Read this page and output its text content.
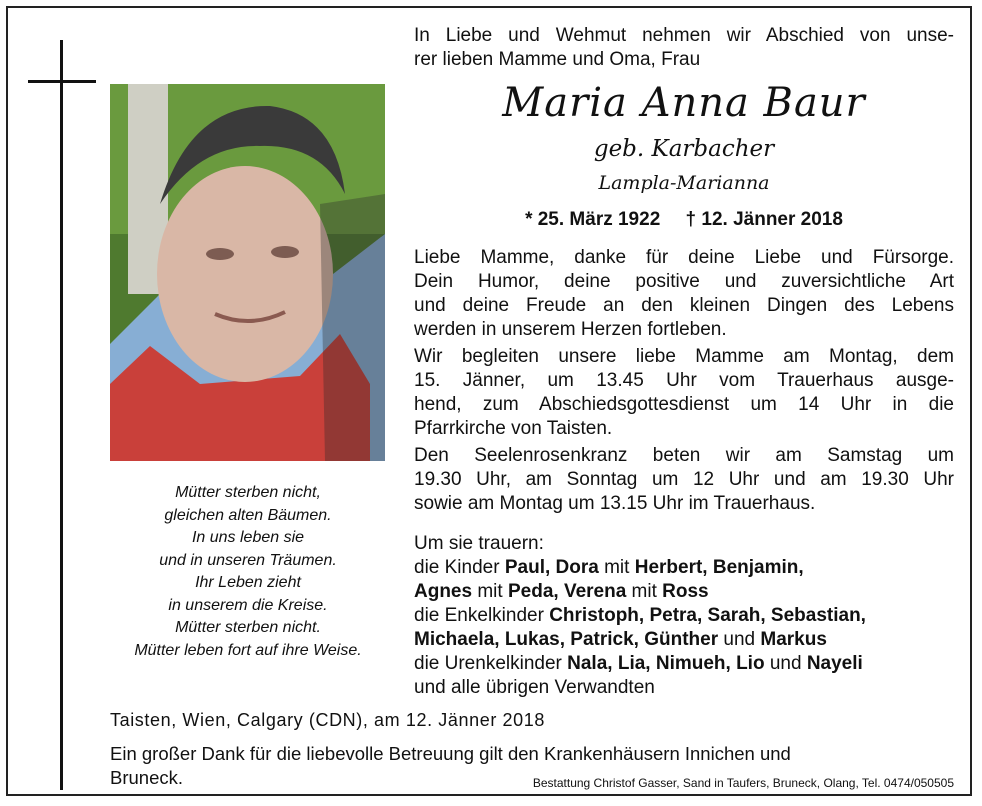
Mütter sterben nicht,
gleichen alten Bäumen.
In uns leben sie
und in unseren Träumen.
Ihr Leben zieht
in unserem die Kreise.
Mütter sterben nicht.
Mütter leben fort auf ihre Weise.
In Liebe und Wehmut nehmen wir Abschied von unse-
rer lieben Mamme und Oma, Frau
Maria Anna Baur
geb. Karbacher
Lampla-Marianna
* 25. März 1922 † 12. Jänner 2018
Liebe Mamme, danke für deine Liebe und Fürsorge.
Dein Humor, deine positive und zuversichtliche Art
und deine Freude an den kleinen Dingen des Lebens
werden in unserem Herzen fortleben.
Wir begleiten unsere liebe Mamme am Montag, dem
15. Jänner, um 13.45 Uhr vom Trauerhaus ausge-
hend, zum Abschiedsgottesdienst um 14 Uhr in die
Pfarrkirche von Taisten.
Den Seelenrosenkranz beten wir am Samstag um
19.30 Uhr, am Sonntag um 12 Uhr und am 19.30 Uhr
sowie am Montag um 13.15 Uhr im Trauerhaus.
Um sie trauern:
die Kinder Paul, Dora mit Herbert, Benjamin,
Agnes mit Peda, Verena mit Ross
die Enkelkinder Christoph, Petra, Sarah, Sebastian,
Michaela, Lukas, Patrick, Günther und Markus
die Urenkelkinder Nala, Lia, Nimueh, Lio und Nayeli
und alle übrigen Verwandten
Taisten, Wien, Calgary (CDN), am 12. Jänner 2018
Ein großer Dank für die liebevolle Betreuung gilt den Krankenhäusern Innichen und
Bruneck.	Bestattung Christof Gasser, Sand in Taufers, Bruneck, Olang, Tel. 0474/050505
